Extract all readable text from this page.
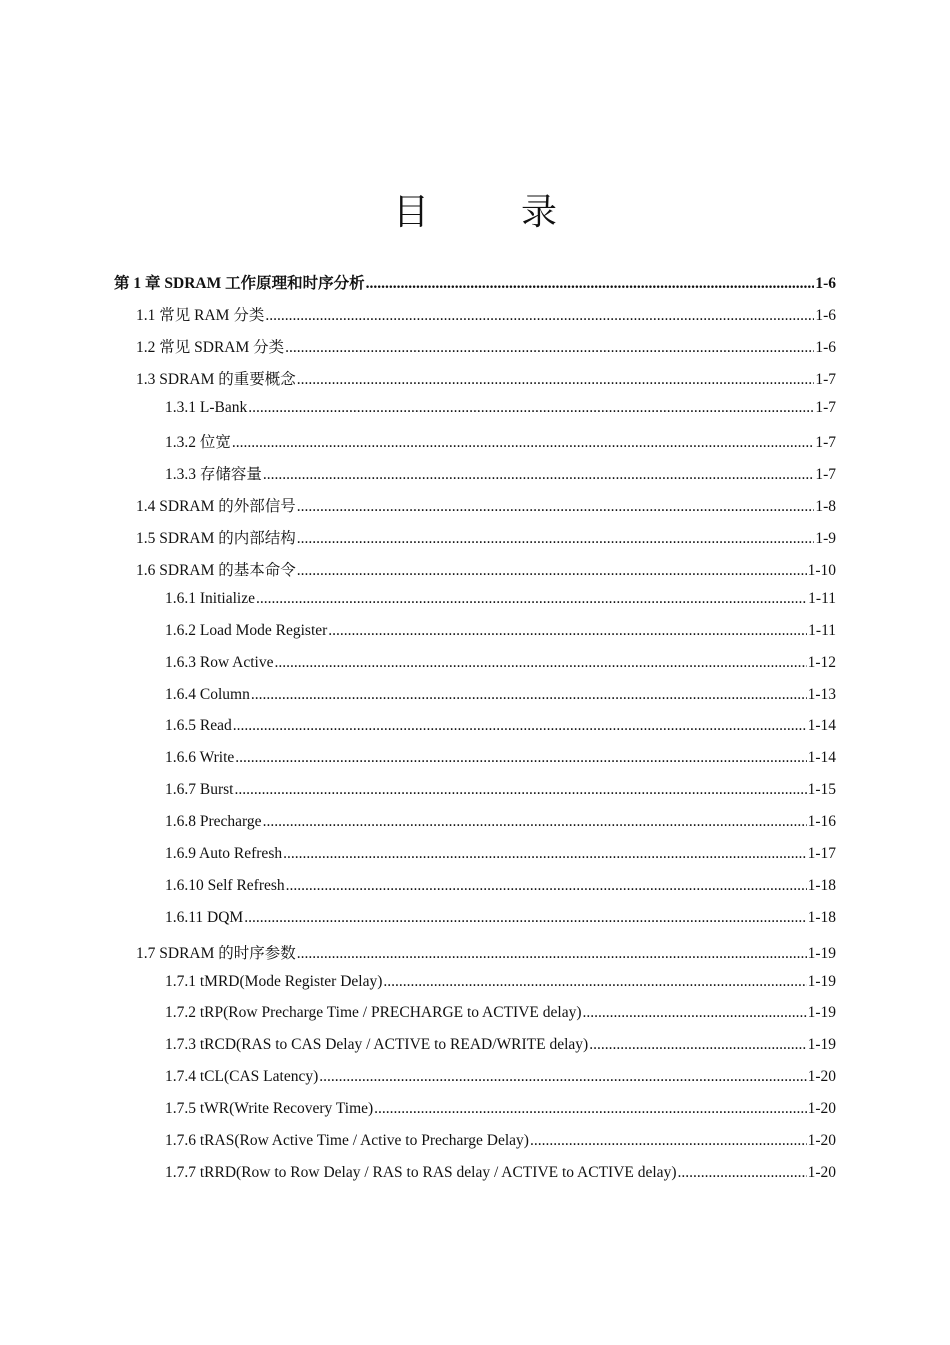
目　录
第 1 章 SDRAM 工作原理和时序分析 .....	1-6
1.1 常见 RAM 分类 .....	1-6
1.2 常见 SDRAM 分类 .....	1-6
1.3 SDRAM 的重要概念 .....	1-7
1.3.1 L-Bank .....	1-7
1.3.2 位宽 .....	1-7
1.3.3 存储容量 .....	1-7
1.4 SDRAM 的外部信号 .....	1-8
1.5 SDRAM 的内部结构 .....	1-9
1.6 SDRAM 的基本命令 .....	1-10
1.6.1 Initialize .....	1-11
1.6.2 Load Mode Register .....	1-11
1.6.3 Row Active .....	1-12
1.6.4 Column .....	1-13
1.6.5 Read .....	1-14
1.6.6 Write .....	1-14
1.6.7 Burst .....	1-15
1.6.8 Precharge .....	1-16
1.6.9 Auto Refresh .....	1-17
1.6.10 Self Refresh .....	1-18
1.6.11 DQM .....	1-18
1.7 SDRAM 的时序参数 .....	1-19
1.7.1 tMRD(Mode Register Delay) .....	1-19
1.7.2 tRP(Row Precharge Time / PRECHARGE to ACTIVE delay) .....	1-19
1.7.3 tRCD(RAS to CAS Delay / ACTIVE to READ/WRITE delay) .....	1-19
1.7.4 tCL(CAS Latency) .....	1-20
1.7.5 tWR(Write Recovery Time) .....	1-20
1.7.6 tRAS(Row Active Time / Active to Precharge Delay) .....	1-20
1.7.7 tRRD(Row to Row Delay / RAS to RAS delay / ACTIVE to ACTIVE delay) .....	1-20
